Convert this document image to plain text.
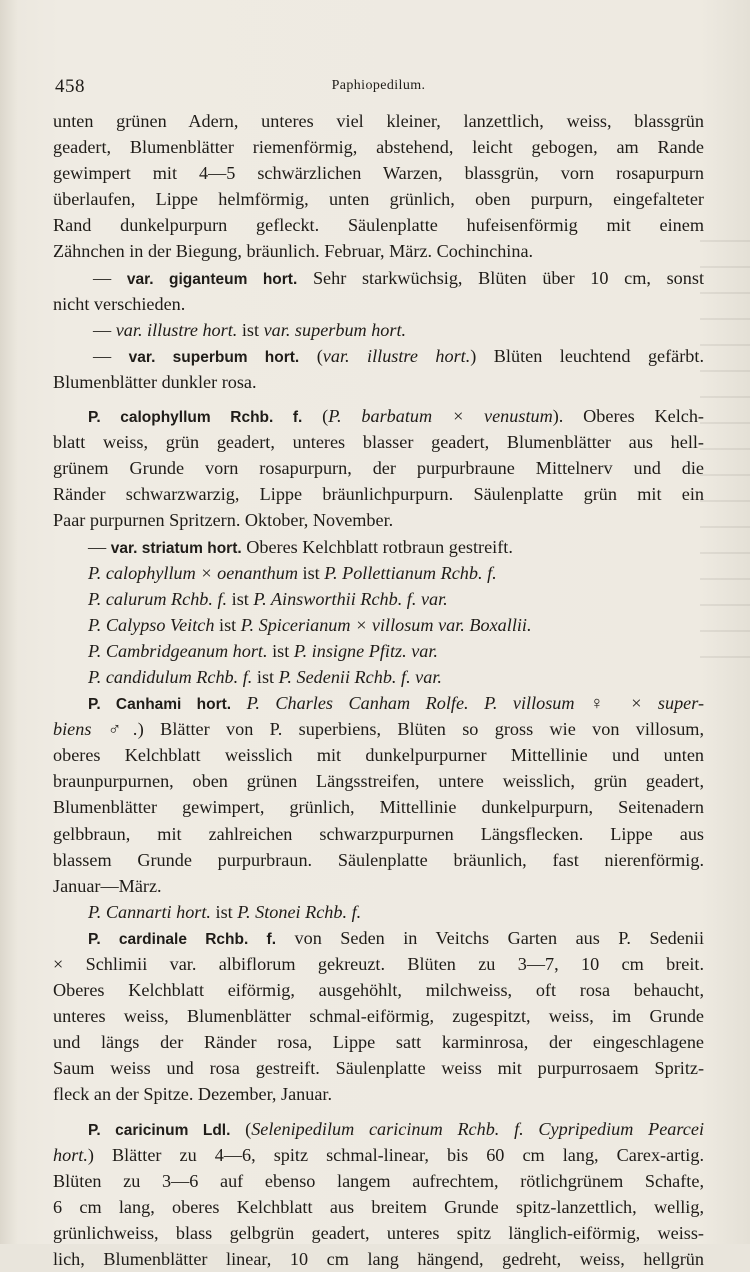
458	Paphiopedilum.
unten grünen Adern, unteres viel kleiner, lanzettlich, weiss, blassgrün
geadert, Blumenblätter riemenförmig, abstehend, leicht gebogen, am Rande
gewimpert mit 4—5 schwärzlichen Warzen, blassgrün, vorn rosapurpurn
überlaufen, Lippe helmförmig, unten grünlich, oben purpurn, eingefalteter
Rand dunkelpurpurn gefleckt. Säulenplatte hufeisenförmig mit einem
Zähnchen in der Biegung, bräunlich. Februar, März. Cochinchina.
— var. giganteum hort. Sehr starkwüchsig, Blüten über 10 cm, sonst
nicht verschieden.
— var. illustre hort. ist var. superbum hort.
— var. superbum hort. (var. illustre hort.) Blüten leuchtend gefärbt.
Blumenblätter dunkler rosa.
P. calophyllum Rchb. f. (P. barbatum × venustum). Oberes Kelch-
blatt weiss, grün geadert, unteres blasser geadert, Blumenblätter aus hell-
grünem Grunde vorn rosapurpurn, der purpurbraune Mittelnerv und die
Ränder schwarzwarzig, Lippe bräunlichpurpurn. Säulenplatte grün mit ein
Paar purpurnen Spritzern. Oktober, November.
— var. striatum hort. Oberes Kelchblatt rotbraun gestreift.
P. calophyllum × oenanthum ist P. Pollettianum Rchb. f.
P. calurum Rchb. f. ist P. Ainsworthii Rchb. f. var.
P. Calypso Veitch ist P. Spicerianum × villosum var. Boxallii.
P. Cambridgeanum hort. ist P. insigne Pfitz. var.
P. candidulum Rchb. f. ist P. Sedenii Rchb. f. var.
P. Canhami hort. P. Charles Canham Rolfe. P. villosum ♀ × super-
biens ♂.) Blätter von P. superbiens, Blüten so gross wie von villosum,
oberes Kelchblatt weisslich mit dunkelpurpurner Mittellinie und unten
braunpurpurnen, oben grünen Längsstreifen, untere weisslich, grün geadert,
Blumenblätter gewimpert, grünlich, Mittellinie dunkelpurpurn, Seitenadern
gelbbraun, mit zahlreichen schwarzpurpurnen Längsflecken. Lippe aus
blassem Grunde purpurbraun. Säulenplatte bräunlich, fast nierenförmig.
Januar—März.
P. Cannarti hort. ist P. Stonei Rchb. f.
P. cardinale Rchb. f. von Seden in Veitchs Garten aus P. Sedenii
× Schlimii var. albiflorum gekreuzt. Blüten zu 3—7, 10 cm breit.
Oberes Kelchblatt eiförmig, ausgehöhlt, milchweiss, oft rosa behaucht,
unteres weiss, Blumenblätter schmal-eiförmig, zugespitzt, weiss, im Grunde
und längs der Ränder rosa, Lippe satt karminrosa, der eingeschlagene
Saum weiss und rosa gestreift. Säulenplatte weiss mit purpurrosaem Spritz-
fleck an der Spitze. Dezember, Januar.
P. caricinum Ldl. (Selenipedilum caricinum Rchb. f. Cypripedium Pearcei
hort.) Blätter zu 4—6, spitz schmal-linear, bis 60 cm lang, Carex-artig.
Blüten zu 3—6 auf ebenso langem aufrechtem, rötlichgrünem Schafte,
6 cm lang, oberes Kelchblatt aus breitem Grunde spitz-lanzettlich, wellig,
grünlichweiss, blass gelbgrün geadert, unteres spitz länglich-eiförmig, weiss-
lich, Blumenblätter linear, 10 cm lang hängend, gedreht, weiss, hellgrün
